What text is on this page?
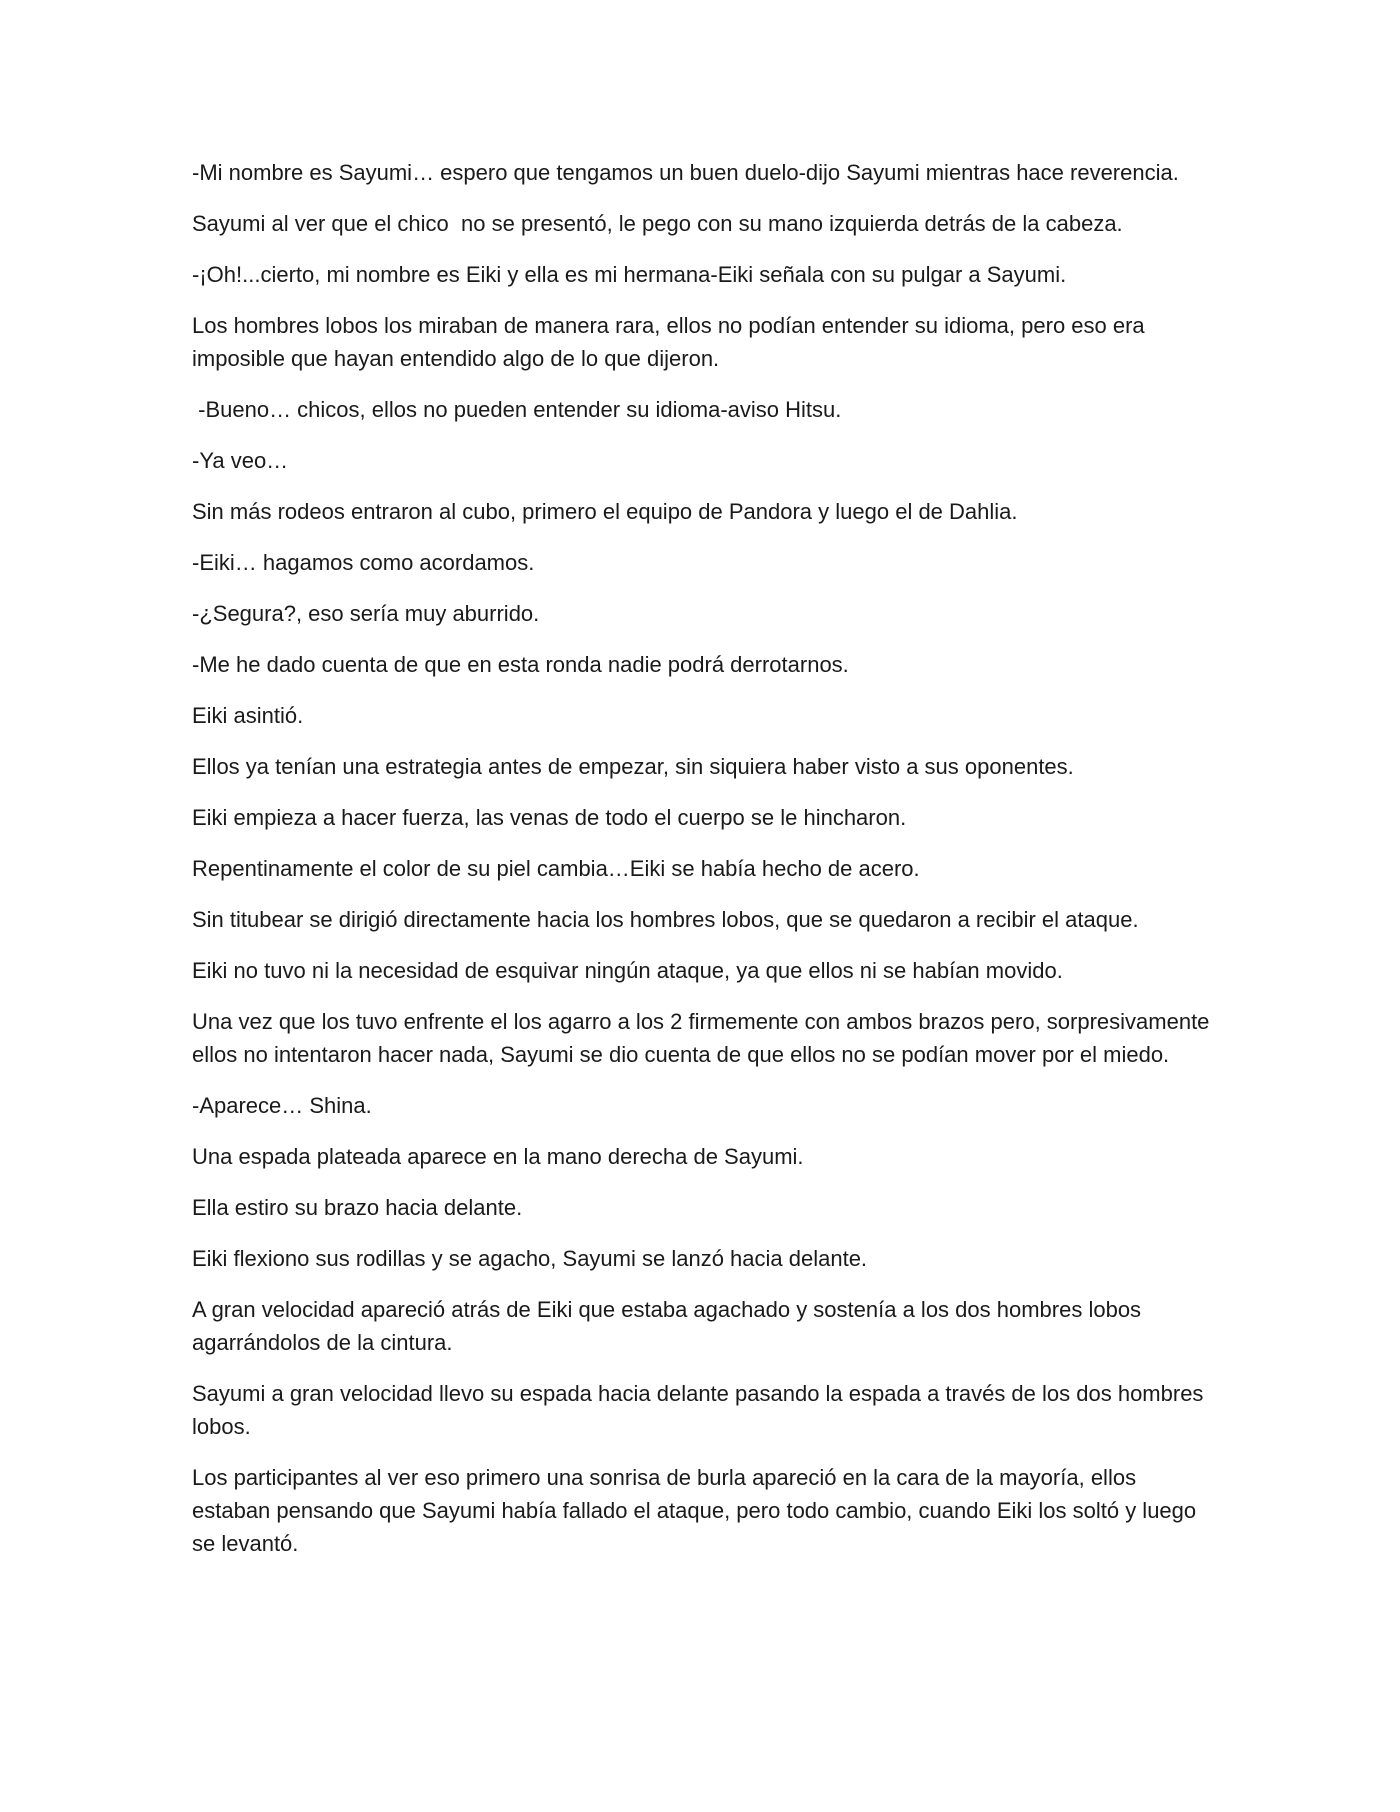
-Mi nombre es Sayumi… espero que tengamos un buen duelo-dijo Sayumi mientras hace reverencia.

Sayumi al ver que el chico  no se presentó, le pego con su mano izquierda detrás de la cabeza.

-¡Oh!...cierto, mi nombre es Eiki y ella es mi hermana-Eiki señala con su pulgar a Sayumi.

Los hombres lobos los miraban de manera rara, ellos no podían entender su idioma, pero eso era imposible que hayan entendido algo de lo que dijeron.

-Bueno… chicos, ellos no pueden entender su idioma-aviso Hitsu.

-Ya veo…

Sin más rodeos entraron al cubo, primero el equipo de Pandora y luego el de Dahlia.

-Eiki… hagamos como acordamos.

-¿Segura?, eso sería muy aburrido.

-Me he dado cuenta de que en esta ronda nadie podrá derrotarnos.

Eiki asintió.

Ellos ya tenían una estrategia antes de empezar, sin siquiera haber visto a sus oponentes.

Eiki empieza a hacer fuerza, las venas de todo el cuerpo se le hincharon.

Repentinamente el color de su piel cambia…Eiki se había hecho de acero.

Sin titubear se dirigió directamente hacia los hombres lobos, que se quedaron a recibir el ataque.

Eiki no tuvo ni la necesidad de esquivar ningún ataque, ya que ellos ni se habían movido.

Una vez que los tuvo enfrente el los agarro a los 2 firmemente con ambos brazos pero, sorpresivamente ellos no intentaron hacer nada, Sayumi se dio cuenta de que ellos no se podían mover por el miedo.

-Aparece… Shina.

Una espada plateada aparece en la mano derecha de Sayumi.

Ella estiro su brazo hacia delante.

Eiki flexiono sus rodillas y se agacho, Sayumi se lanzó hacia delante.

A gran velocidad apareció atrás de Eiki que estaba agachado y sostenía a los dos hombres lobos agarrándolos de la cintura.

Sayumi a gran velocidad llevo su espada hacia delante pasando la espada a través de los dos hombres lobos.

Los participantes al ver eso primero una sonrisa de burla apareció en la cara de la mayoría, ellos estaban pensando que Sayumi había fallado el ataque, pero todo cambio, cuando Eiki los soltó y luego se levantó.
